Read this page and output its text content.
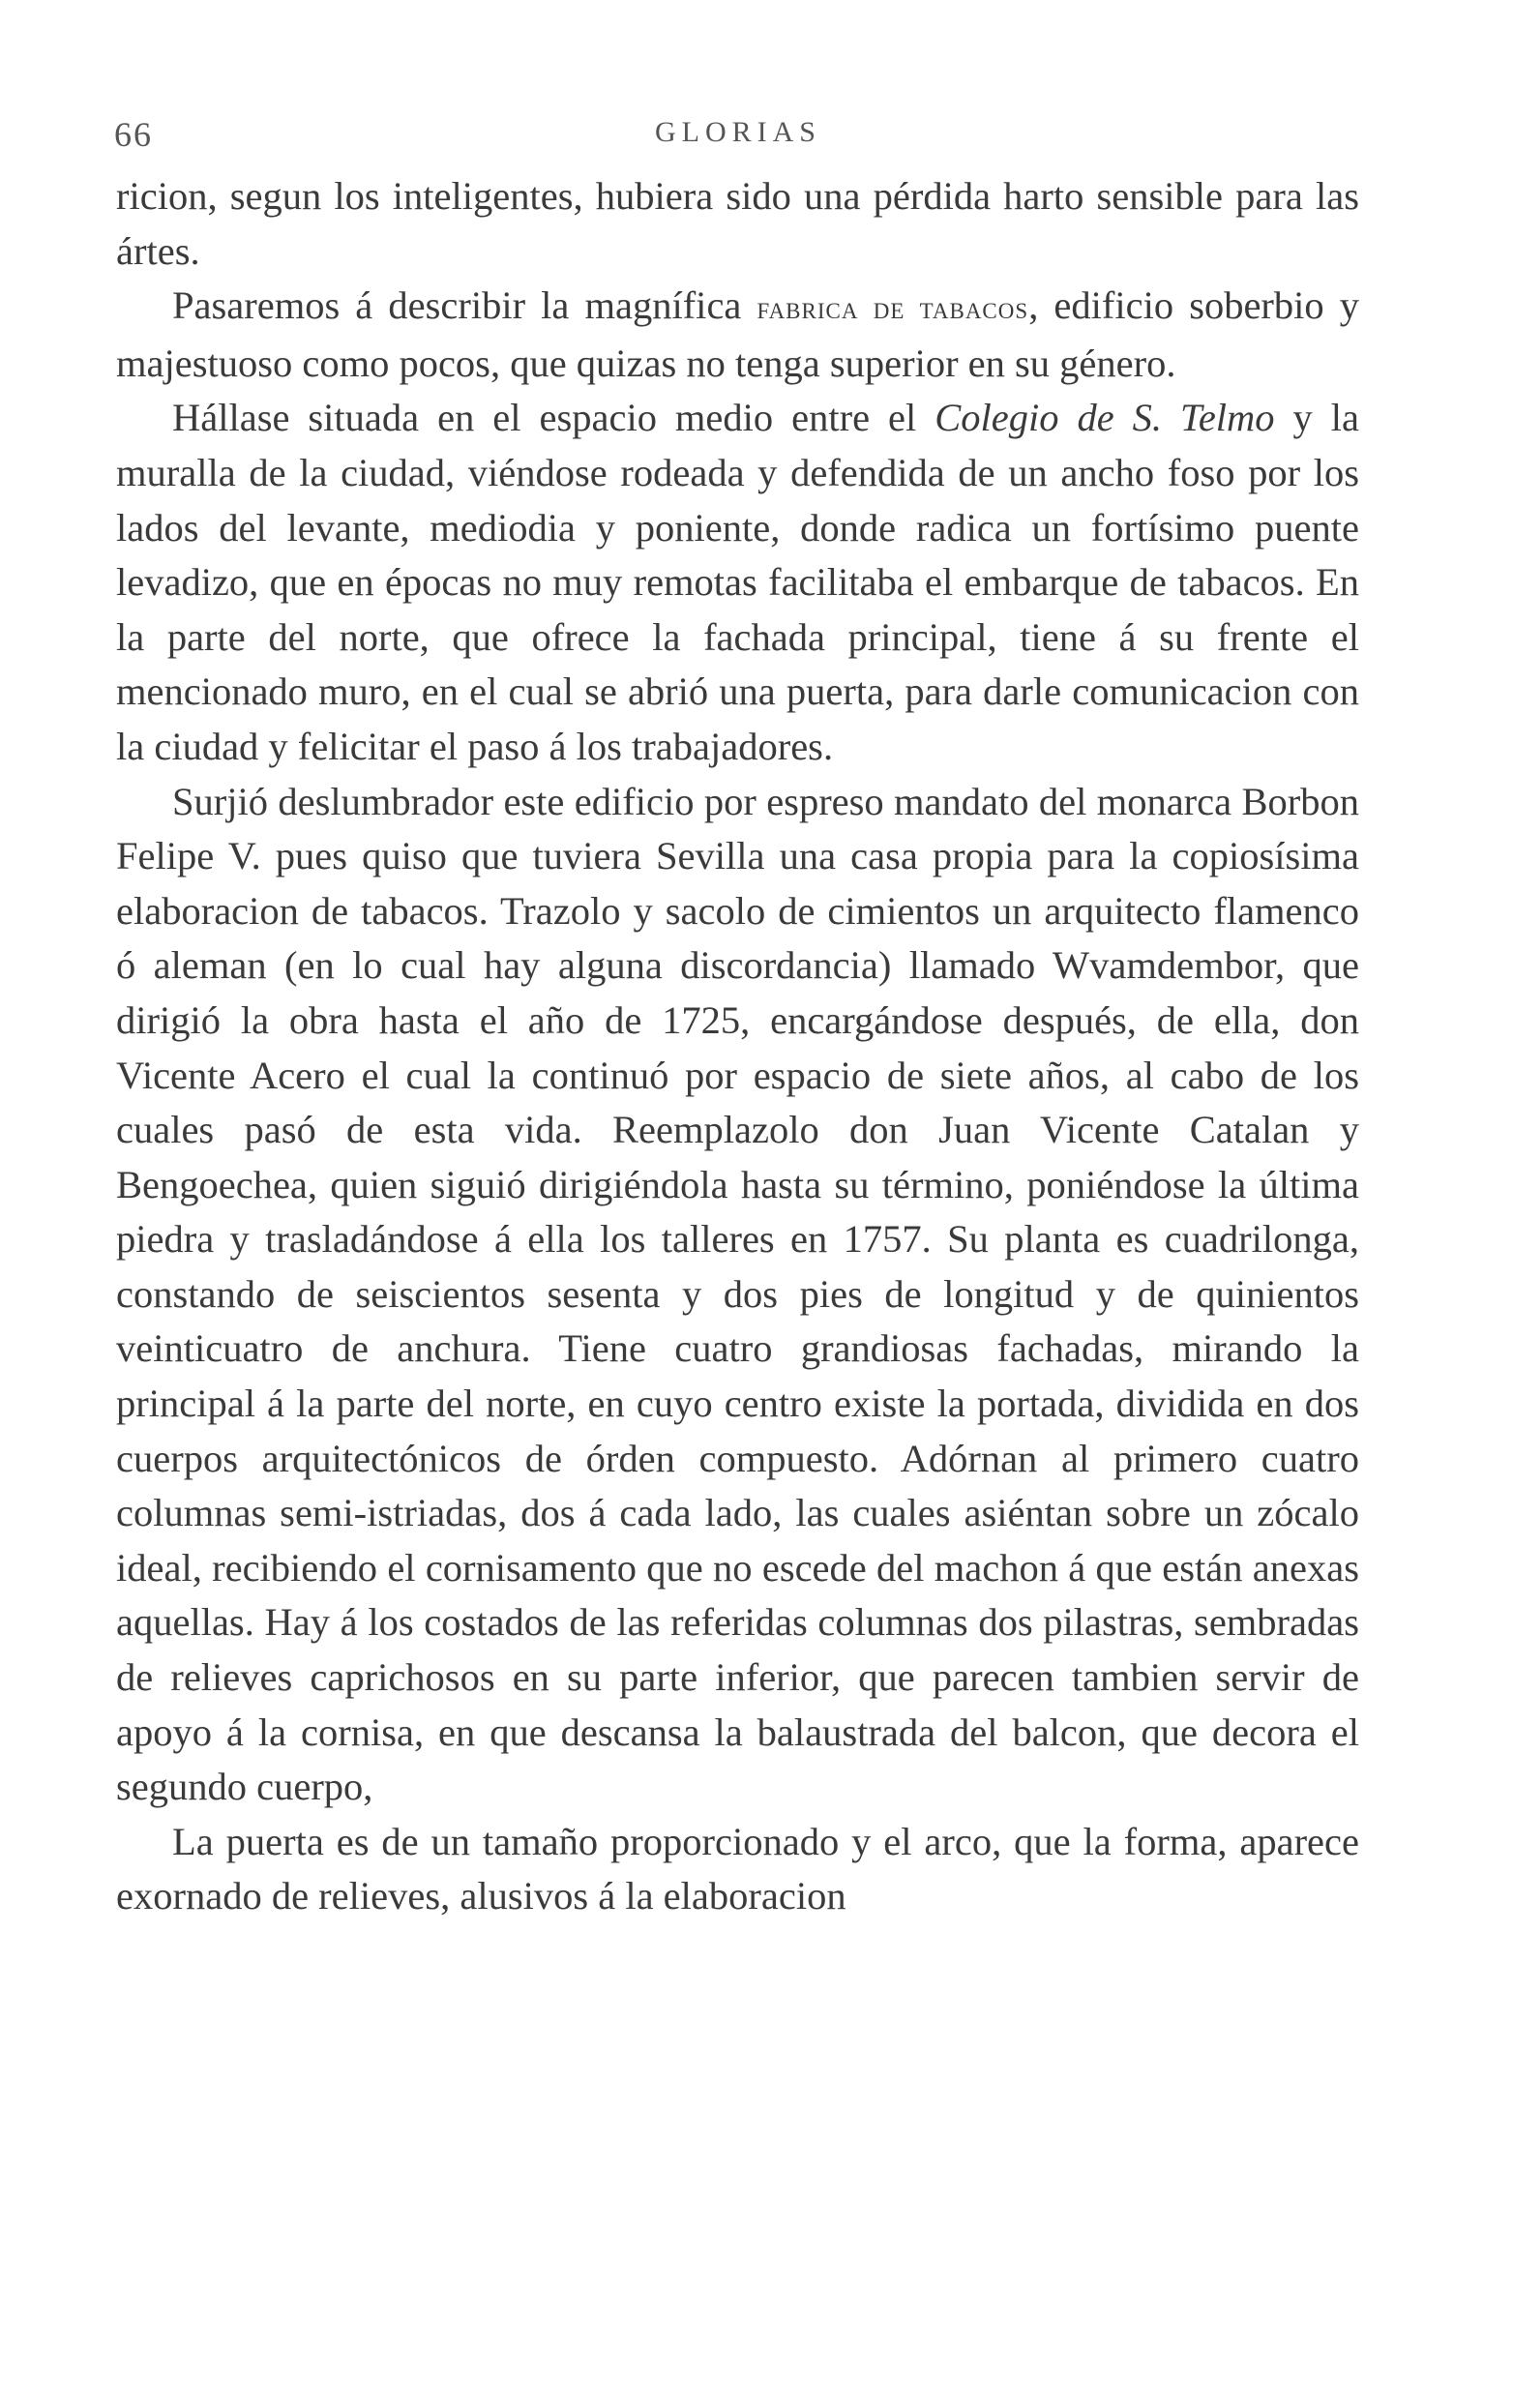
66	GLORIAS

ricion, segun los inteligentes, hubiera sido una pérdida harto sensible para las ártes.

Pasaremos á describir la magnífica fabrica de tabacos, edificio soberbio y majestuoso como pocos, que quizas no tenga superior en su género.

Hállase situada en el espacio medio entre el Colegio de S. Telmo y la muralla de la ciudad, viéndose rodeada y defendida de un ancho foso por los lados del levante, mediodia y poniente, donde radica un fortísimo puente levadizo, que en épocas no muy remotas facilitaba el embarque de tabacos. En la parte del norte, que ofrece la fachada principal, tiene á su frente el mencionado muro, en el cual se abrió una puerta, para darle comunicacion con la ciudad y felicitar el paso á los trabajadores.

Surjió deslumbrador este edificio por espreso mandato del monarca Borbon Felipe V. pues quiso que tuviera Sevilla una casa propia para la copiosísima elaboracion de tabacos. Trazolo y sacolo de cimientos un arquitecto flamenco ó aleman (en lo cual hay alguna discordancia) llamado Wvamdembor, que dirigió la obra hasta el año de 1725, encargándose después, de ella, don Vicente Acero el cual la continuó por espacio de siete años, al cabo de los cuales pasó de esta vida. Reemplazolo don Juan Vicente Catalan y Bengoechea, quien siguió dirigiéndola hasta su término, poniéndose la última piedra y trasladándose á ella los talleres en 1757. Su planta es cuadrilonga, constando de seiscientos sesenta y dos pies de longitud y de quinientos veinticuatro de anchura. Tiene cuatro grandiosas fachadas, mirando la principal á la parte del norte, en cuyo centro existe la portada, dividida en dos cuerpos arquitectónicos de órden compuesto. Adórnan al primero cuatro columnas semi-istriadas, dos á cada lado, las cuales asiéntan sobre un zócalo ideal, recibiendo el cornisamento que no escede del machon á que están anexas aquellas. Hay á los costados de las referidas columnas dos pilastras, sembradas de relieves caprichosos en su parte inferior, que parecen tambien servir de apoyo á la cornisa, en que descansa la balaustrada del balcon, que decora el segundo cuerpo,

La puerta es de un tamaño proporcionado y el arco, que la forma, aparece exornado de relieves, alusivos á la elaboracion
